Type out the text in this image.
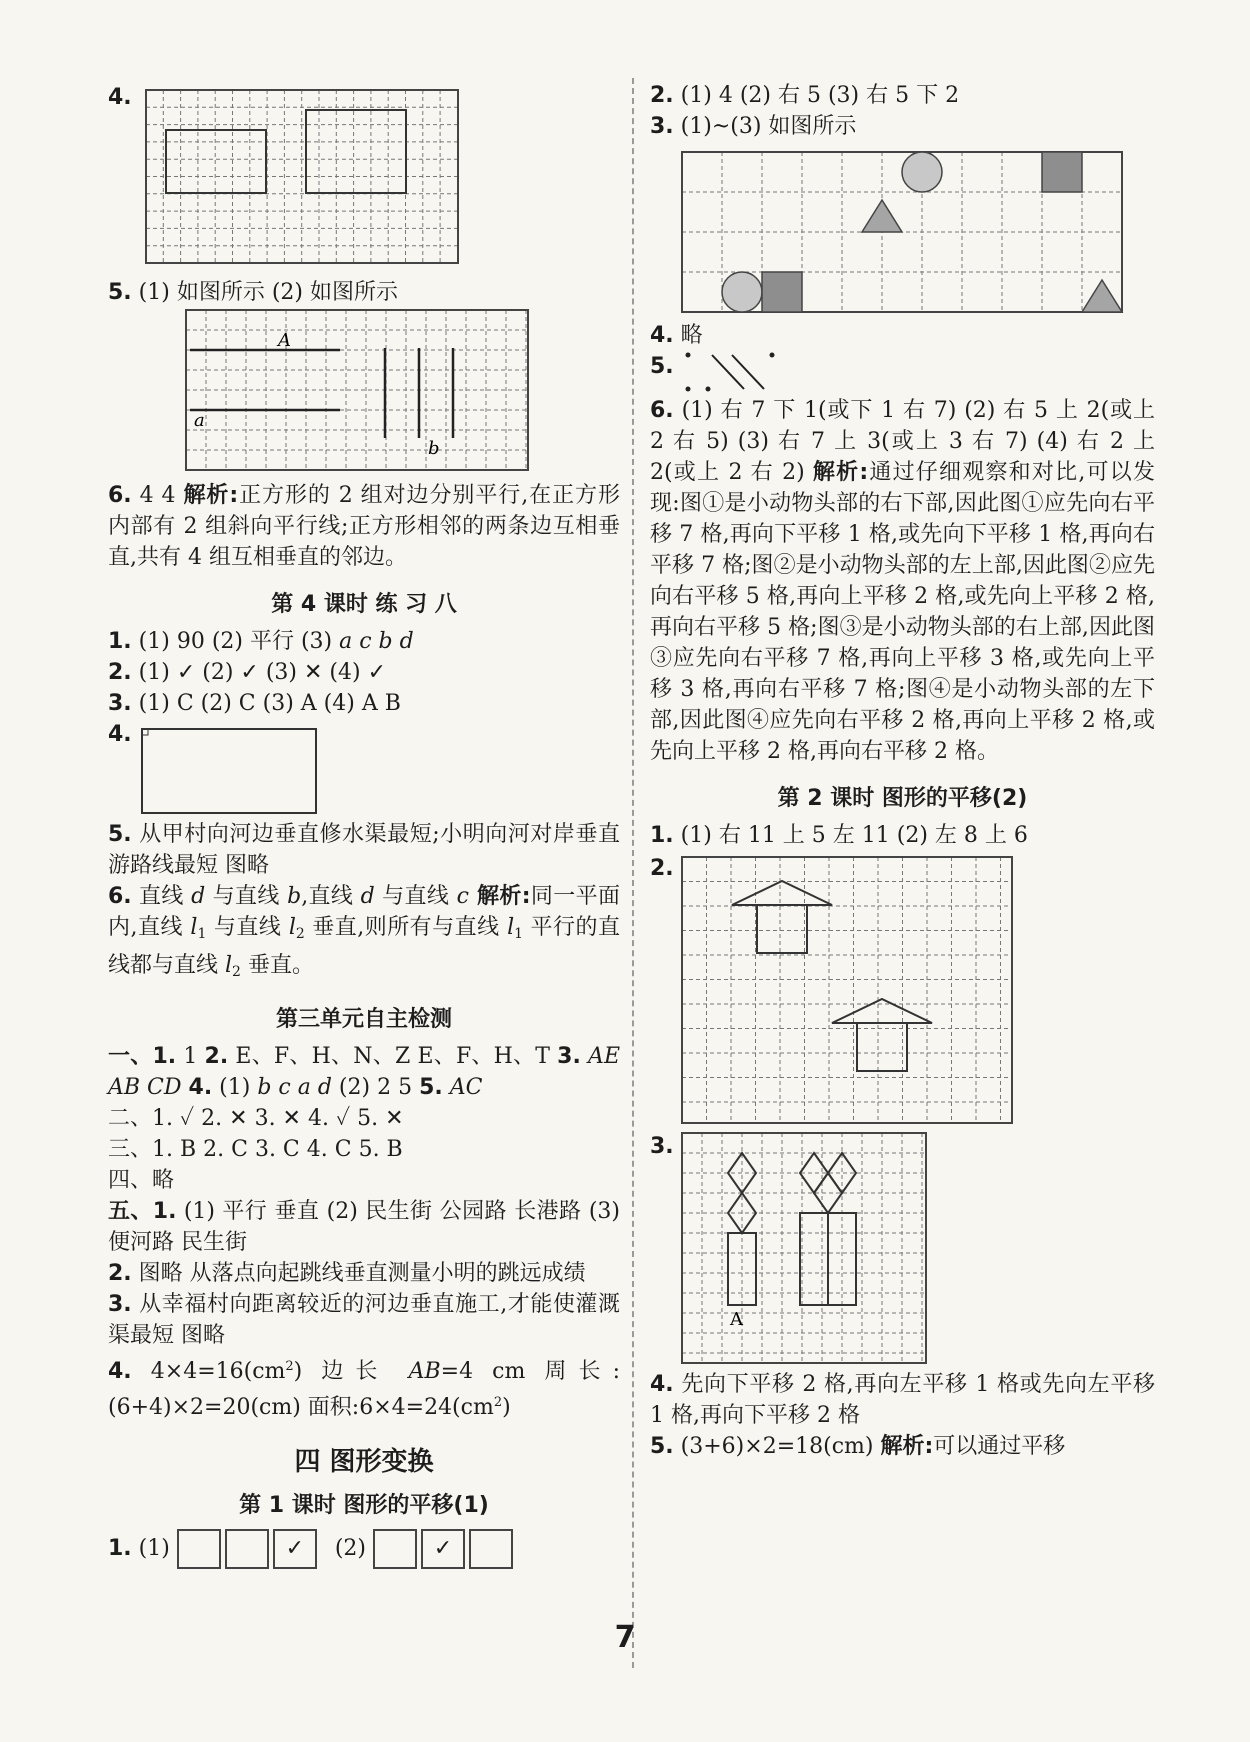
4.
5. (1) 如图所示 (2) 如图所示
A
a
b
6. 4 4 解析:正方形的 2 组对边分别平行,在正方形内部有 2 组斜向平行线;正方形相邻的两条边互相垂直,共有 4 组互相垂直的邻边。
第 4 课时 练 习 八
1. (1) 90 (2) 平行 (3) a c b d
2. (1) ✓ (2) ✓ (3) ✕ (4) ✓
3. (1) C (2) C (3) A (4) A B
4.
5. 从甲村向河边垂直修水渠最短;小明向河对岸垂直游路线最短 图略
6. 直线 d 与直线 b,直线 d 与直线 c 解析:同一平面内,直线 $l_1$ 与直线 $l_2$ 垂直,则所有与直线 $l_1$ 平行的直线都与直线 $l_2$ 垂直。
第三单元自主检测
一、1. 1 2. E、F、H、N、Z E、F、H、T 3. AE AB CD 4. (1) b c a d (2) 2 5 5. AC
二、1. ✓ 2. ✕ 3. ✕ 4. ✓ 5. ✕
三、1. B 2. C 3. C 4. C 5. B
四、略
五、1. (1) 平行 垂直 (2) 民生街 公园路 长港路 (3) 便河路 民生街
2. 图略 从落点向起跳线垂直测量小明的跳远成绩
3. 从幸福村向距离较近的河边垂直施工,才能使灌溉渠最短 图略
4. $4\times 4=16(cm^2)$ 边长 AB=4 cm 周长:(6+4)×2=20(cm) 面积$:6\times 4=24(cm^2)$
四 图形变换
第 1 课时 图形的平移(1)
1. (1)	✓ (2)	✓
2. (1) 4 (2) 右 5 (3) 右 5 下 2
3. (1)~(3) 如图所示
4. 略
5.
6. (1) 右 7 下 1(或下 1 右 7) (2) 右 5 上 2(或上 2 右 5) (3) 右 7 上 3(或上 3 右 7) (4) 右 2 上 2(或上 2 右 2) 解析:通过仔细观察和对比,可以发现:图①是小动物头部的右下部,因此图①应先向右平移 7 格,再向下平移 1 格,或先向下平移 1 格,再向右平移 7 格;图②是小动物头部的左上部,因此图②应先向右平移 5 格,再向上平移 2 格,或先向上平移 2 格,再向右平移 5 格;图③是小动物头部的右上部,因此图③应先向右平移 7 格,再向上平移 3 格,或先向上平移 3 格,再向右平移 7 格;图④是小动物头部的左下部,因此图④应先向右平移 2 格,再向上平移 2 格,或先向上平移 2 格,再向右平移 2 格。
第 2 课时 图形的平移(2)
1. (1) 右 11 上 5 左 11 (2) 左 8 上 6
2.
3.
A
4. 先向下平移 2 格,再向左平移 1 格或先向左平移 1 格,再向下平移 2 格
5. (3+6)×2=18(cm) 解析:可以通过平移
7
